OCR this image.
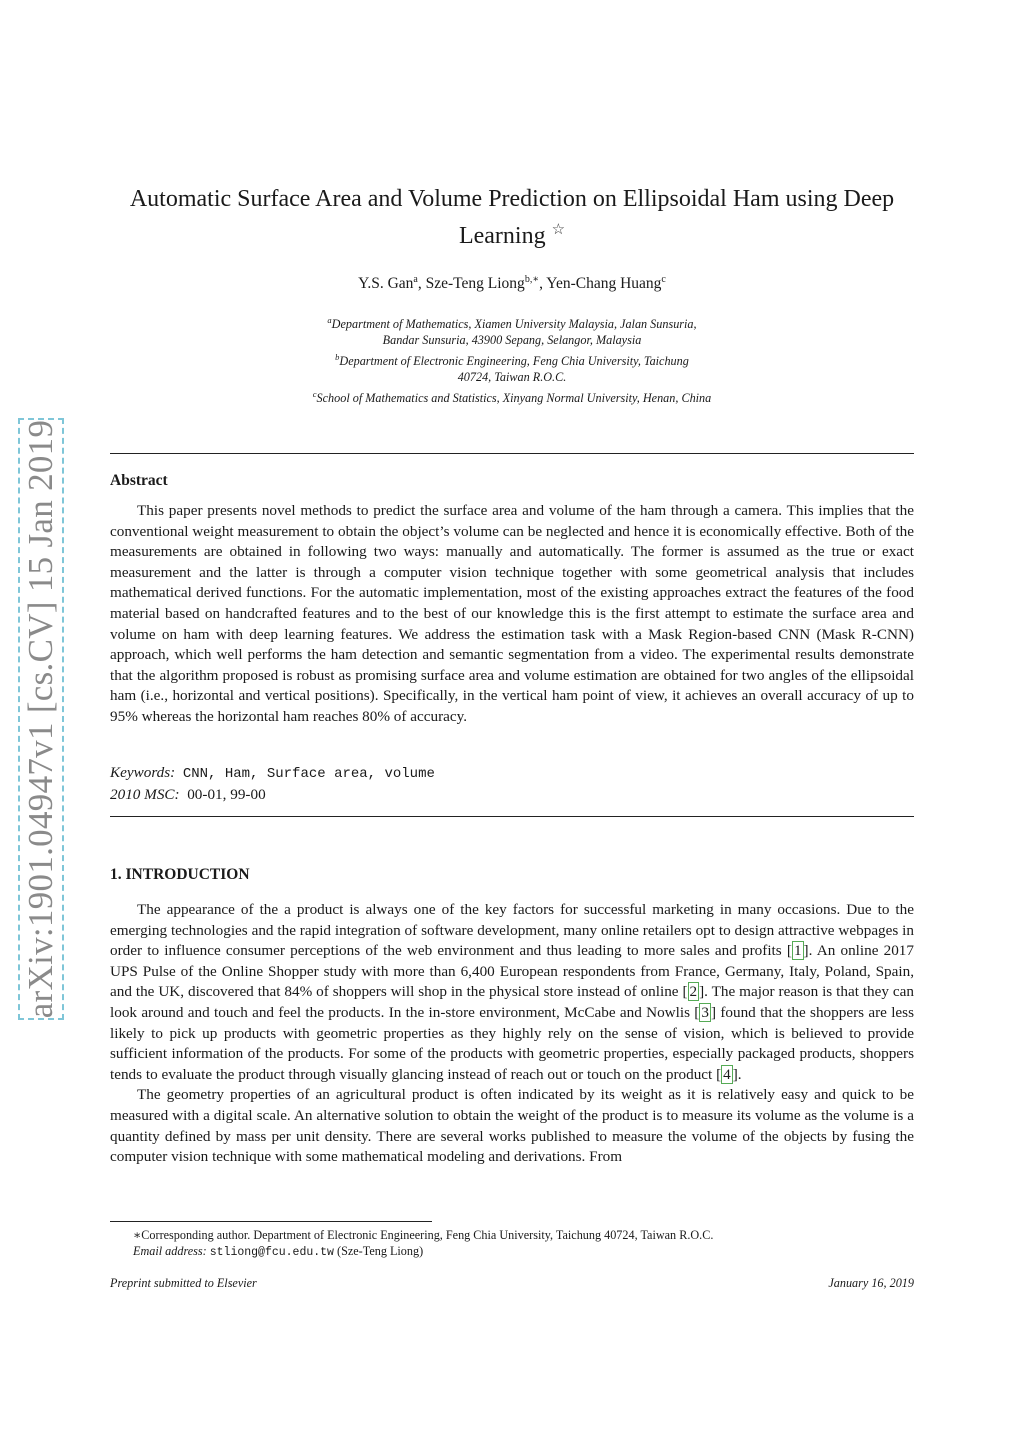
arXiv:1901.04947v1 [cs.CV] 15 Jan 2019
Automatic Surface Area and Volume Prediction on Ellipsoidal Ham using Deep
Learning ☆
Y.S. Gan$^a$, Sze-Teng Liong$^{b,∗}$, Yen-Chang Huang$^c$
$^a$Department of Mathematics, Xiamen University Malaysia, Jalan Sunsuria,
Bandar Sunsuria, 43900 Sepang, Selangor, Malaysia
$^b$Department of Electronic Engineering, Feng Chia University, Taichung
40724, Taiwan R.O.C.
$^c$School of Mathematics and Statistics, Xinyang Normal University, Henan, China
Abstract
This paper presents novel methods to predict the surface area and volume of the ham through a camera. This implies that the conventional weight measurement to obtain the object’s volume can be neglected and hence it is economically effective. Both of the measurements are obtained in following two ways: manually and automatically. The former is assumed as the true or exact measurement and the latter is through a computer vision technique together with some geometrical analysis that includes mathematical derived functions. For the automatic implementation, most of the existing approaches extract the features of the food material based on handcrafted features and to the best of our knowledge this is the first attempt to estimate the surface area and volume on ham with deep learning features. We address the estimation task with a Mask Region-based CNN (Mask R-CNN) approach, which well performs the ham detection and semantic segmentation from a video. The experimental results demonstrate that the algorithm proposed is robust as promising surface area and volume estimation are obtained for two angles of the ellipsoidal ham (i.e., horizontal and vertical positions). Specifically, in the vertical ham point of view, it achieves an overall accuracy of up to 95% whereas the horizontal ham reaches 80% of accuracy.
Keywords: CNN, Ham, Surface area, volume
2010 MSC: 00-01, 99-00
1. INTRODUCTION

The appearance of the a product is always one of the key factors for successful marketing in many occasions. Due to the emerging technologies and the rapid integration of software development, many online retailers opt to design attractive webpages in order to influence consumer perceptions of the web environment and thus leading to more sales and profits [ 1 ]. An online 2017 UPS Pulse of the Online Shopper study with more than 6,400 European respondents from France, Germany, Italy, Poland, Spain, and the UK, discovered that 84% of shoppers will shop in the physical store instead of online [ 2 ]. The major reason is that they can look around and touch and feel the products. In the in-store environment, McCabe and Nowlis [ 3 ] found that the shoppers are less likely to pick up products with geometric properties as they highly rely on the sense of vision, which is believed to provide sufficient information of the products. For some of the products with geometric properties, especially packaged products, shoppers tends to evaluate the product through visually glancing instead of reach out or touch on the product [ 4 ].

The geometry properties of an agricultural product is often indicated by its weight as it is relatively easy and quick to be measured with a digital scale. An alternative solution to obtain the weight of the product is to measure its volume as the volume is a quantity defined by mass per unit density. There are several works published to measure the volume of the objects by fusing the computer vision technique with some mathematical modeling and derivations. From

∗Corresponding author. Department of Electronic Engineering, Feng Chia University, Taichung 40724, Taiwan R.O.C.
Email address: stliong@fcu.edu.tw (Sze-Teng Liong)
Preprint submitted to Elsevier	January 16, 2019
